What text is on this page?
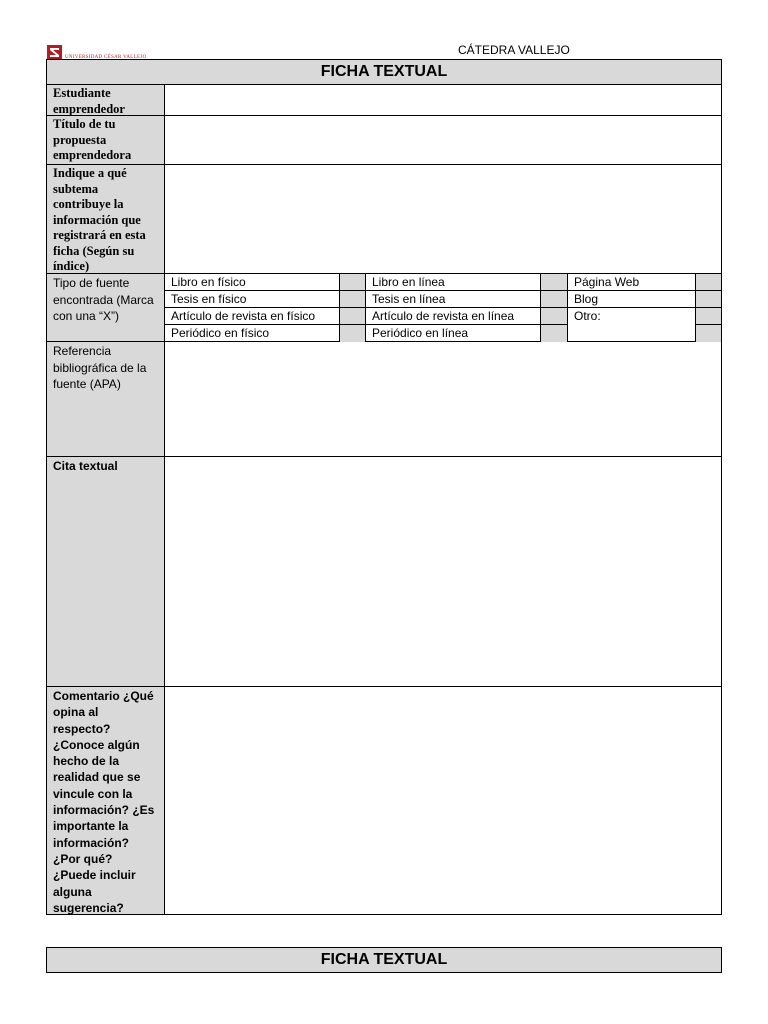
UNIVERSIDAD CÉSAR VALLEJO
CÁTEDRA VALLEJO
FICHA TEXTUAL
Estudiante emprendedor
Título de tu propuesta emprendedora
Indique a qué subtema contribuye la información que registrará en esta ficha (Según su índice)
Tipo de fuente encontrada (Marca con una “X”)
Libro en físico
Tesis en físico
Artículo de revista en físico
Periódico en físico
Libro en línea
Tesis en línea
Artículo de revista en línea
Periódico en línea
Página Web
Blog
Otro:
Referencia bibliográfica de la fuente (APA)
Cita textual
Comentario ¿Qué opina al respecto? ¿Conoce algún hecho de la realidad que se vincule con la información? ¿Es importante la información? ¿Por qué? ¿Puede incluir alguna sugerencia?
FICHA TEXTUAL
